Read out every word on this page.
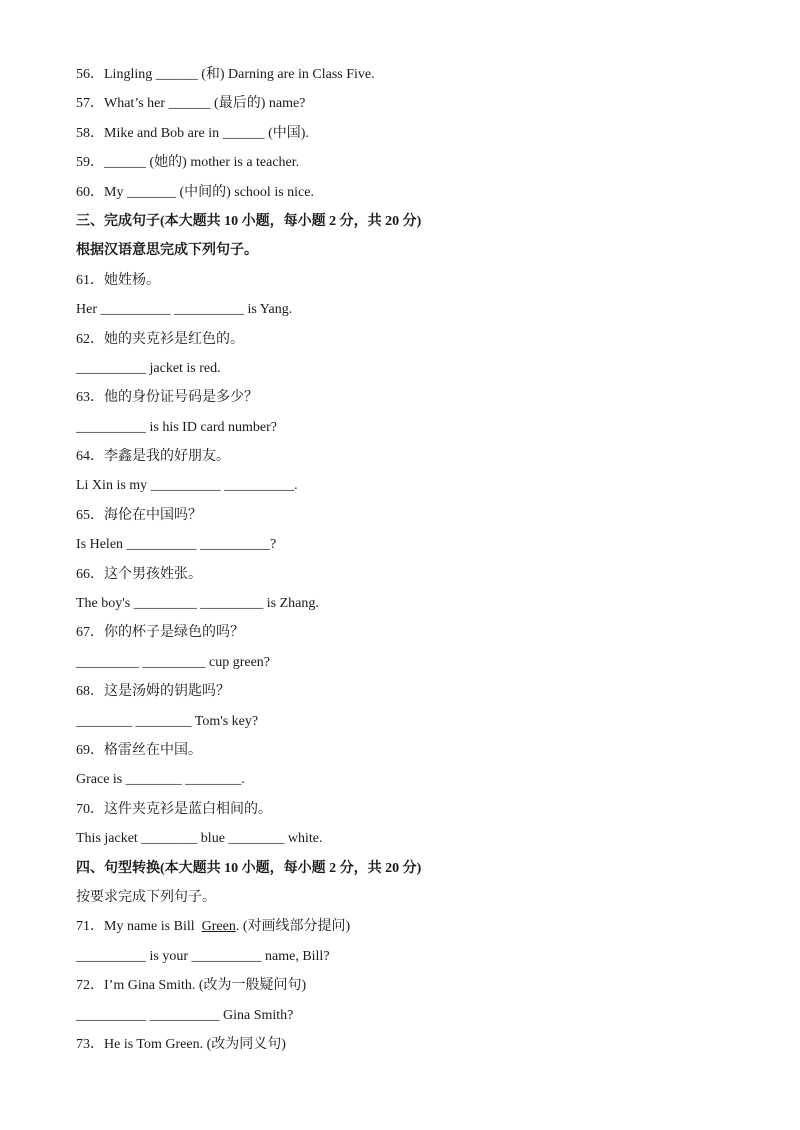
56．Lingling ______ (和) Darning are in Class Five.
57．What’s her ______ (最后的) name?
58．Mike and Bob are in ______ (中国).
59．______ (她的) mother is a teacher.
60．My _______ (中间的) school is nice.
三、完成句子(本大题共 10 小题，每小题 2 分，共 20 分)
根据汉语意思完成下列句子。
61．她姓杨。
Her __________ __________ is Yang.
62．她的夹克衫是红色的。
__________ jacket is red.
63．他的身份证号码是多少？
__________ is his ID card number?
64．李鑫是我的好朋友。
Li Xin is my __________ __________.
65．海伦在中国吗？
Is Helen __________ __________?
66．这个男孩姓张。
The boy's _________ _________ is Zhang.
67．你的杯子是绿色的吗？
_________ _________ cup green?
68．这是汤姆的钥匙吗？
________ ________ Tom's key?
69．格雷丝在中国。
Grace is ________ ________.
70．这件夹克衫是蓝白相间的。
This jacket ________ blue ________ white.
四、句型转换(本大题共 10 小题，每小题 2 分，共 20 分)
按要求完成下列句子。
71．My name is Bill  Green. (对画线部分提问)
__________ is your __________ name, Bill?
72．I’m Gina Smith. (改为一般疑问句)
__________ __________ Gina Smith?
73．He is Tom Green. (改为同义句)
